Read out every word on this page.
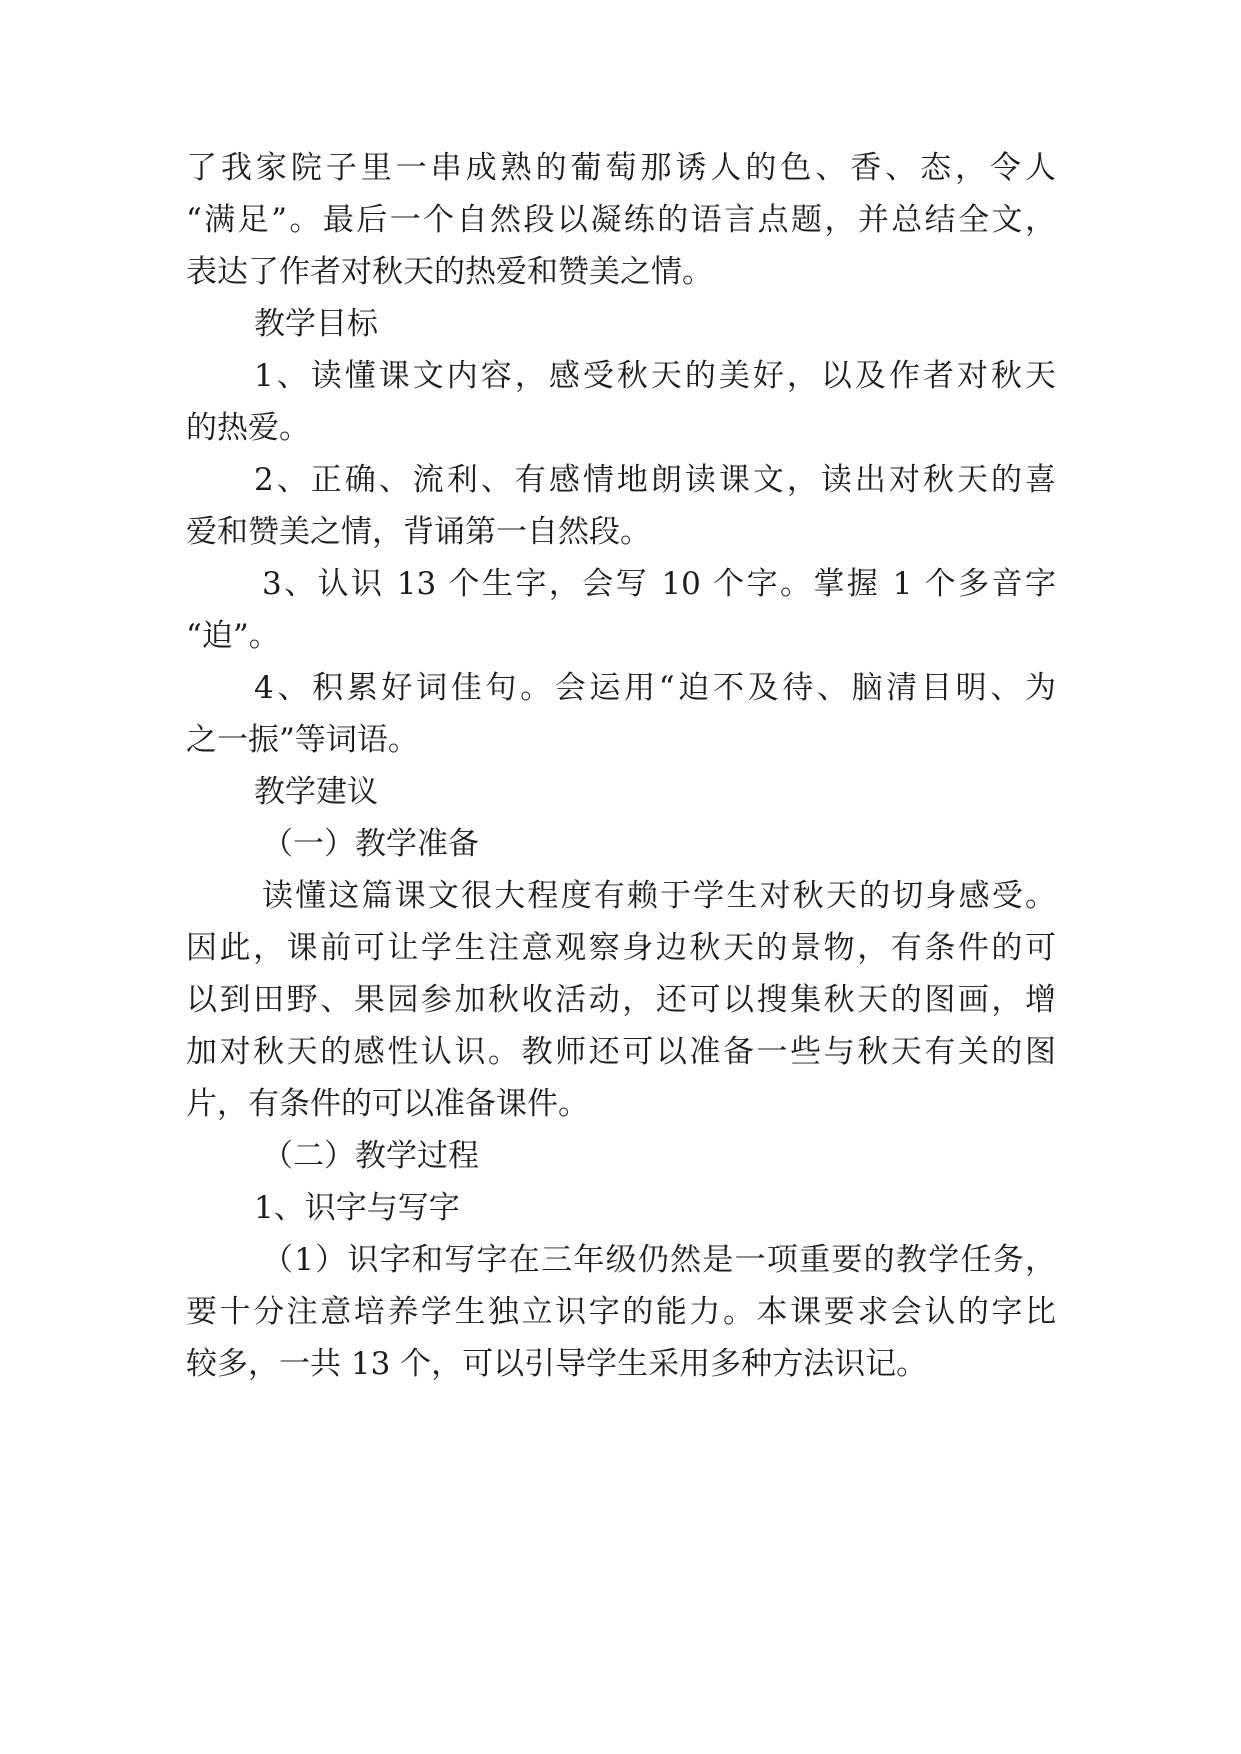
了我家院子里一串成熟的葡萄那诱人的色、香、态，令人

“满足”。最后一个自然段以凝练的语言点题，并总结全文，

表达了作者对秋天的热爱和赞美之情。

教学目标

1、读懂课文内容，感受秋天的美好，以及作者对秋天

的热爱。

2、正确、流利、有感情地朗读课文，读出对秋天的喜

爱和赞美之情，背诵第一自然段。

3、认识 13 个生字，会写 10 个字。掌握 1 个多音字

“迫”。

4、积累好词佳句。会运用“迫不及待、脑清目明、为

之一振”等词语。

教学建议

（一）教学准备

读懂这篇课文很大程度有赖于学生对秋天的切身感受。

因此，课前可让学生注意观察身边秋天的景物，有条件的可

以到田野、果园参加秋收活动，还可以搜集秋天的图画，增

加对秋天的感性认识。教师还可以准备一些与秋天有关的图

片，有条件的可以准备课件。

（二）教学过程

1、识字与写字

（1）识字和写字在三年级仍然是一项重要的教学任务，

要十分注意培养学生独立识字的能力。本课要求会认的字比

较多，一共 13 个，可以引导学生采用多种方法识记。
